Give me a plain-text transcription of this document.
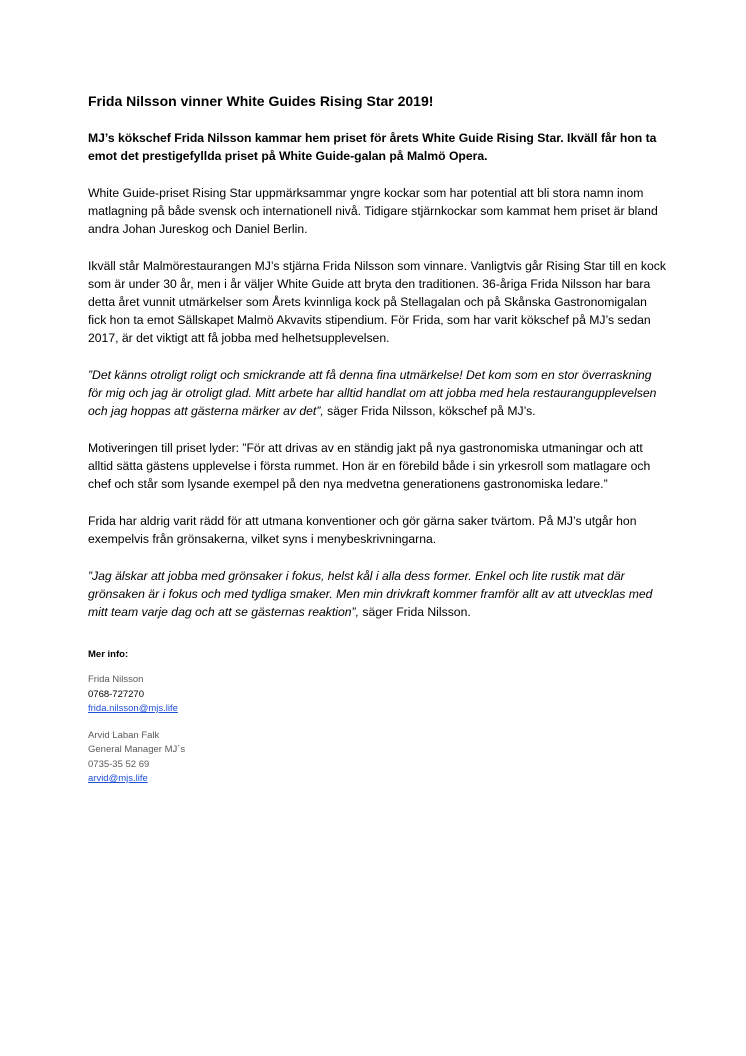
Frida Nilsson vinner White Guides Rising Star 2019!

MJ’s kökschef Frida Nilsson kammar hem priset för årets White Guide Rising Star. Ikväll får hon ta emot det prestigefyllda priset på White Guide-galan på Malmö Opera.

White Guide-priset Rising Star uppmärksammar yngre kockar som har potential att bli stora namn inom matlagning på både svensk och internationell nivå. Tidigare stjärnkockar som kammat hem priset är bland andra Johan Jureskog och Daniel Berlin.

Ikväll står Malmörestaurangen MJ’s stjärna Frida Nilsson som vinnare. Vanligtvis går Rising Star till en kock som är under 30 år, men i år väljer White Guide att bryta den traditionen. 36-åriga Frida Nilsson har bara detta året vunnit utmärkelser som Årets kvinnliga kock på Stellagalan och på Skånska Gastronomigalan fick hon ta emot Sällskapet Malmö Akvavits stipendium. För Frida, som har varit kökschef på MJ’s sedan 2017, är det viktigt att få jobba med helhetsupplevelsen.

”Det känns otroligt roligt och smickrande att få denna fina utmärkelse! Det kom som en stor överraskning för mig och jag är otroligt glad. Mitt arbete har alltid handlat om att jobba med hela restaurangupplevelsen och jag hoppas att gästerna märker av det”, säger Frida Nilsson, kökschef på MJ’s.

Motiveringen till priset lyder: ”För att drivas av en ständig jakt på nya gastronomiska utmaningar och att alltid sätta gästens upplevelse i första rummet. Hon är en förebild både i sin yrkesroll som matlagare och chef och står som lysande exempel på den nya medvetna generationens gastronomiska ledare.”

Frida har aldrig varit rädd för att utmana konventioner och gör gärna saker tvärtom. På MJ’s utgår hon exempelvis från grönsakerna, vilket syns i menybeskrivningarna.

”Jag älskar att jobba med grönsaker i fokus, helst kål i alla dess former. Enkel och lite rustik mat där grönsaken är i fokus och med tydliga smaker. Men min drivkraft kommer framför allt av att utvecklas med mitt team varje dag och att se gästernas reaktion”, säger Frida Nilsson.

Mer info:
Frida Nilsson
0768-727270
frida.nilsson@mjs.life
Arvid Laban Falk
General Manager MJ´s
0735-35 52 69
arvid@mjs.life
